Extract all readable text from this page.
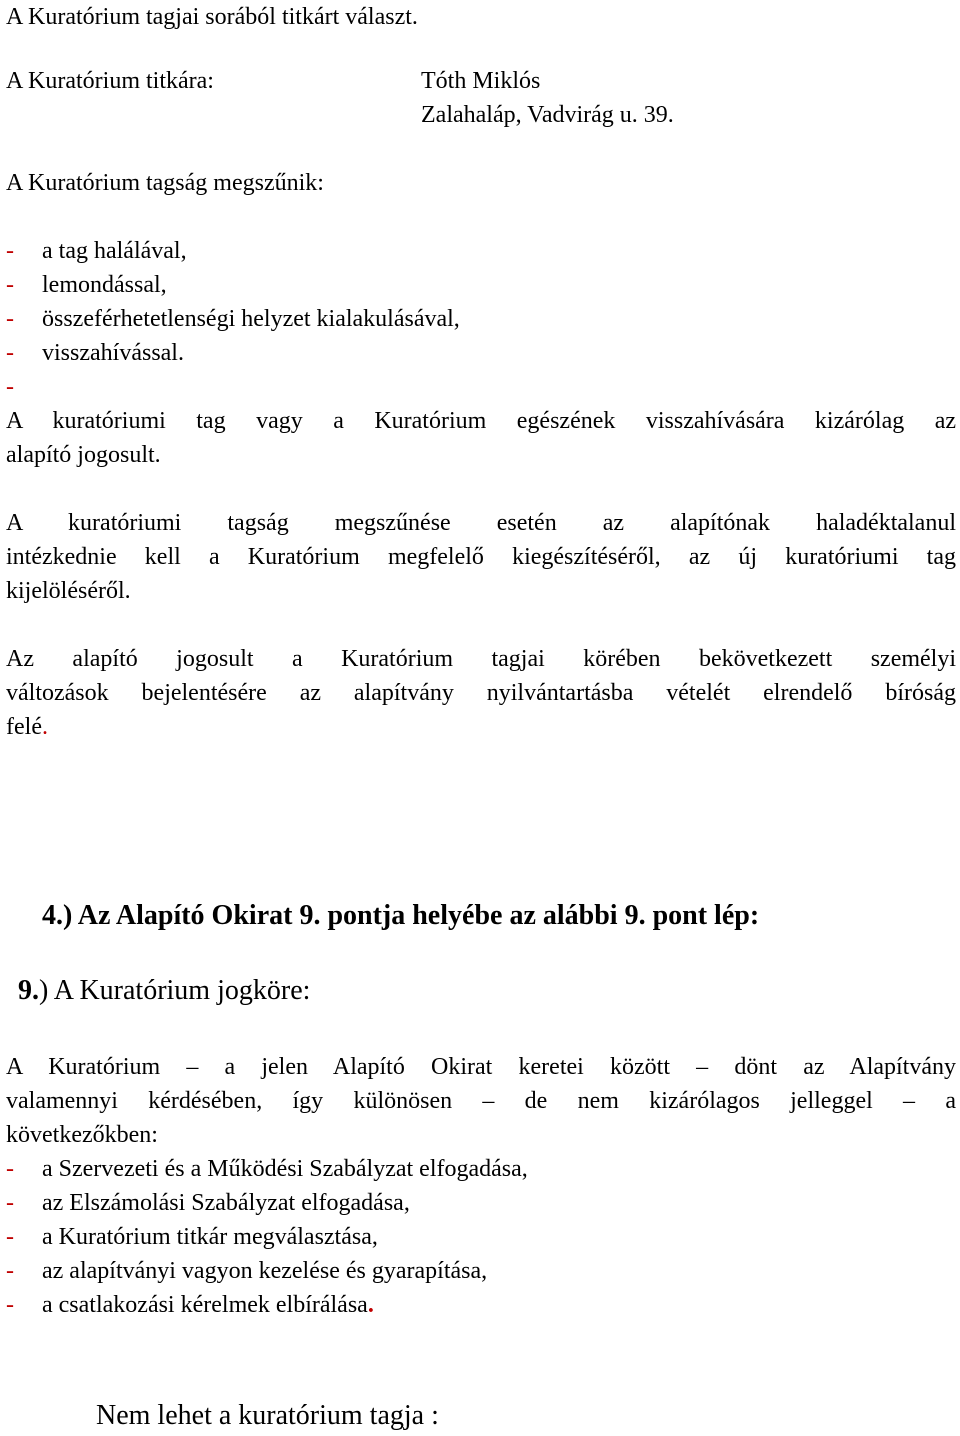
A Kuratórium tagjai sorából titkárt választ.
A Kuratórium titkára:	Tóth Miklós
Zalahaláp, Vadvirág u. 39.
A Kuratórium tagság megszűnik:
- a tag halálával,
- lemondással,
- összeférhetetlenségi helyzet kialakulásával,
- visszahívással.
-
A kuratóriumi tag vagy a Kuratórium egészének visszahívására kizárólag az
alapító jogosult.
A kuratóriumi tagság megszűnése esetén az alapítónak haladéktalanul
intézkednie kell a Kuratórium megfelelő kiegészítéséről, az új kuratóriumi tag
kijelöléséről.
Az alapító jogosult a Kuratórium tagjai körében bekövetkezett személyi
változások bejelentésére az alapítvány nyilvántartásba vételét elrendelő bíróság
felé.
4.) Az Alapító Okirat 9. pontja helyébe az alábbi 9. pont lép:
9.) A Kuratórium jogköre:
A Kuratórium – a jelen Alapító Okirat keretei között – dönt az Alapítvány
valamennyi kérdésében, így különösen – de nem kizárólagos jelleggel – a
következőkben:
- a Szervezeti és a Működési Szabályzat elfogadása,
- az Elszámolási Szabályzat elfogadása,
- a Kuratórium titkár megválasztása,
- az alapítványi vagyon kezelése és gyarapítása,
- a csatlakozási kérelmek elbírálása.
Nem lehet a kuratórium tagja :
